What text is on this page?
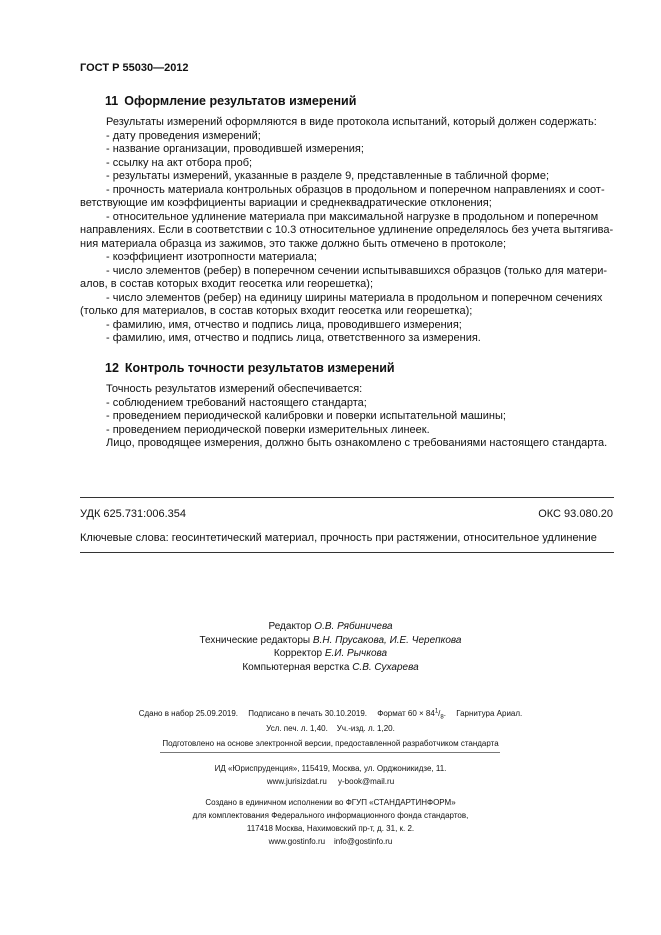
ГОСТ Р 55030—2012
11 Оформление результатов измерений
Результаты измерений оформляются в виде протокола испытаний, который должен содержать:
- дату проведения измерений;
- название организации, проводившей измерения;
- ссылку на акт отбора проб;
- результаты измерений, указанные в разделе 9, представленные в табличной форме;
- прочность материала контрольных образцов в продольном и поперечном направлениях и соот-
ветствующие им коэффициенты вариации и среднеквадратические отклонения;
- относительное удлинение материала при максимальной нагрузке в продольном и поперечном
направлениях. Если в соответствии с 10.3 относительное удлинение определялось без учета вытягива-
ния материала образца из зажимов, это также должно быть отмечено в протоколе;
- коэффициент изотропности материала;
- число элементов (ребер) в поперечном сечении испытывавшихся образцов (только для матери-
алов, в состав которых входит геосетка или георешетка);
- число элементов (ребер) на единицу ширины материала в продольном и поперечном сечениях
(только для материалов, в состав которых входит геосетка или георешетка);
- фамилию, имя, отчество и подпись лица, проводившего измерения;
- фамилию, имя, отчество и подпись лица, ответственного за измерения.
12 Контроль точности результатов измерений
Точность результатов измерений обеспечивается:
- соблюдением требований настоящего стандарта;
- проведением периодической калибровки и поверки испытательной машины;
- проведением периодической поверки измерительных линеек.
Лицо, проводящее измерения, должно быть ознакомлено с требованиями настоящего стандарта.
УДК 625.731:006.354	ОКС 93.080.20
Ключевые слова: геосинтетический материал, прочность при растяжении, относительное удлинение
Редактор О.В. Рябиничева
Технические редакторы В.Н. Прусакова, И.Е. Черепкова
Корректор Е.И. Рычкова
Компьютерная верстка С.В. Сухарева
Сдано в набор 25.09.2019. Подписано в печать 30.10.2019. Формат $60 \times 84^1/_8$. Гарнитура Ариал.
Усл. печ. л. 1,40. Уч.-изд. л. 1,20.
Подготовлено на основе электронной версии, предоставленной разработчиком стандарта
ИД «Юриспруденция», 115419, Москва, ул. Орджоникидзе, 11.
www.jurisizdat.ru y-book@mail.ru
Создано в единичном исполнении во ФГУП «СТАНДАРТИНФОРМ»
для комплектования Федерального информационного фонда стандартов,
117418 Москва, Нахимовский пр-т, д. 31, к. 2.
www.gostinfo.ru info@gostinfo.ru
